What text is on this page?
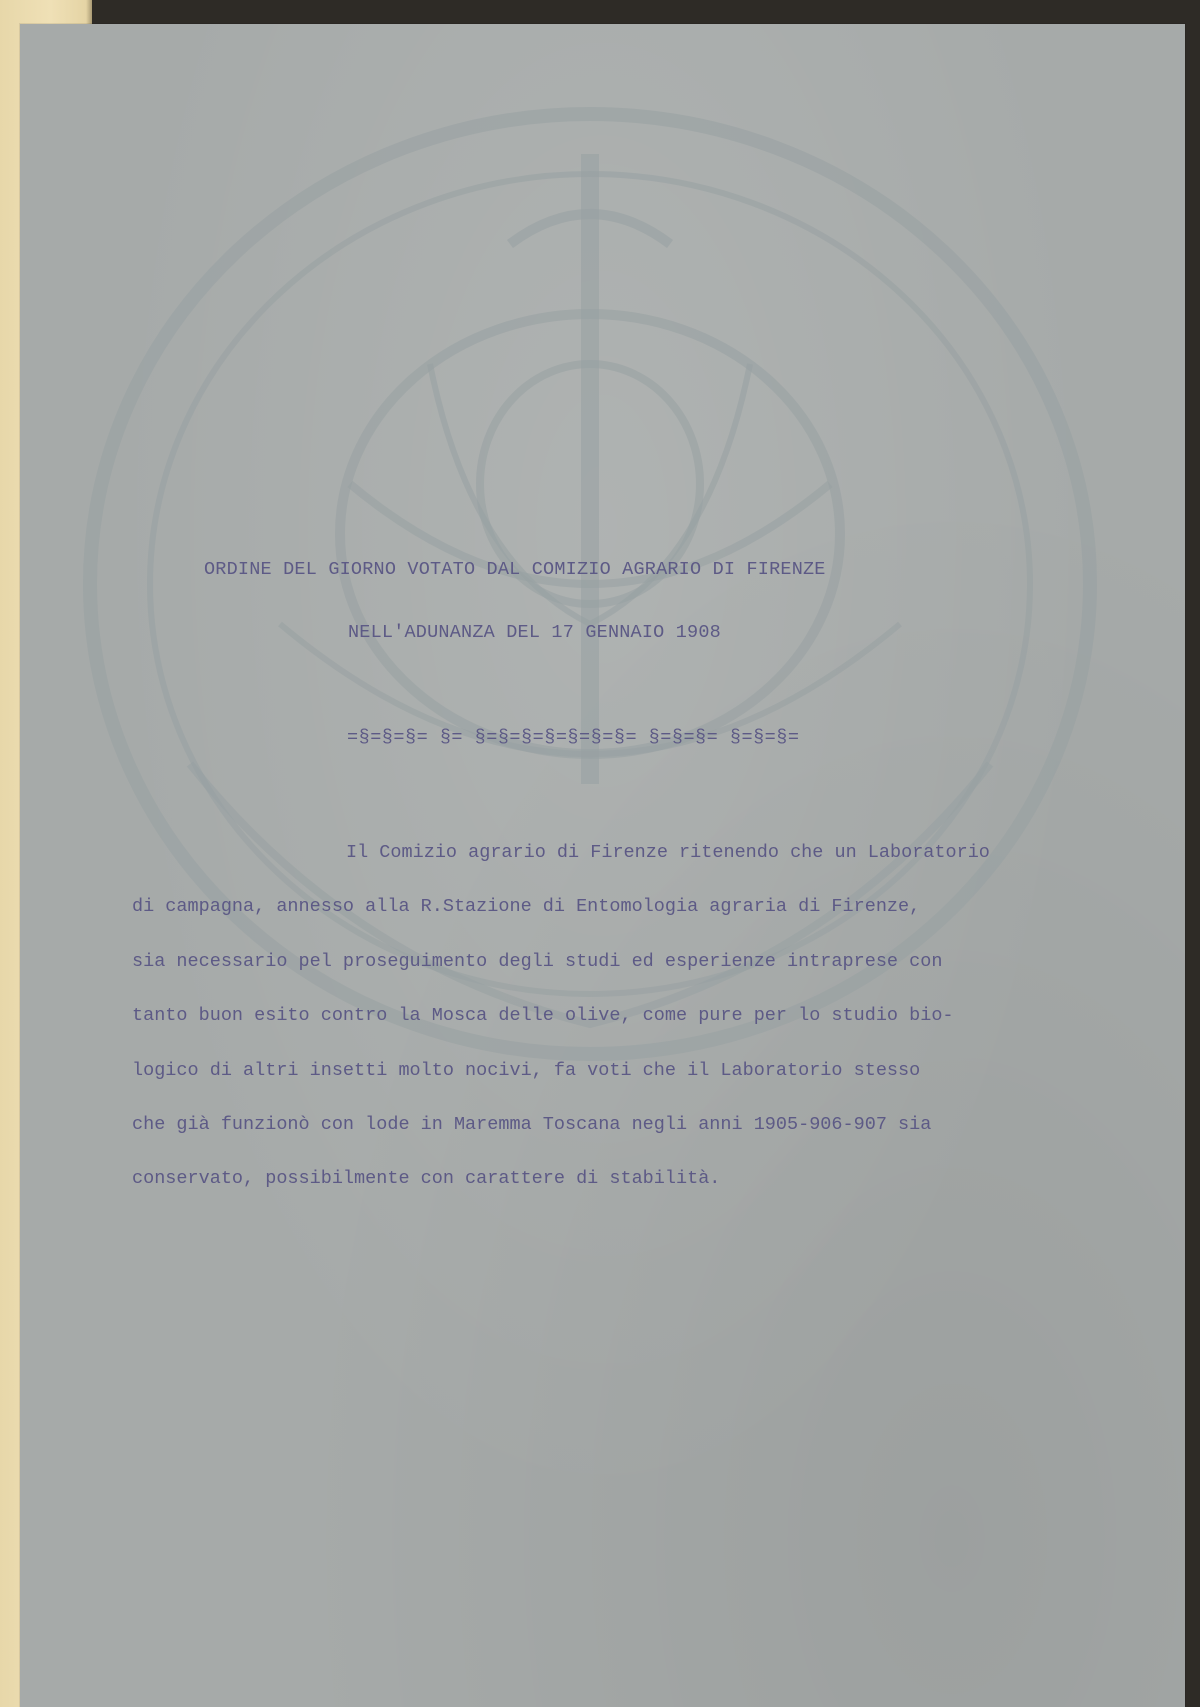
ORDINE DEL GIORNO VOTATO DAL COMIZIO AGRARIO DI FIRENZE
NELL'ADUNANZA DEL 17 GENNAIO 1908
=§=§=§= §= §=§=§=§=§=§=§= §=§=§= §=§=§=
Il Comizio agrario di Firenze ritenendo che un Laboratorio
di campagna, annesso alla R.Stazione di Entomologia agraria di Firenze,
sia necessario pel proseguimento degli studi ed esperienze intraprese con
tanto buon esito contro la Mosca delle olive, come pure per lo studio bio-
logico di altri insetti molto nocivi, fa voti che il Laboratorio stesso
che già funzionò con lode in Maremma Toscana negli anni 1905-906-907 sia
conservato, possibilmente con carattere di stabilità.
